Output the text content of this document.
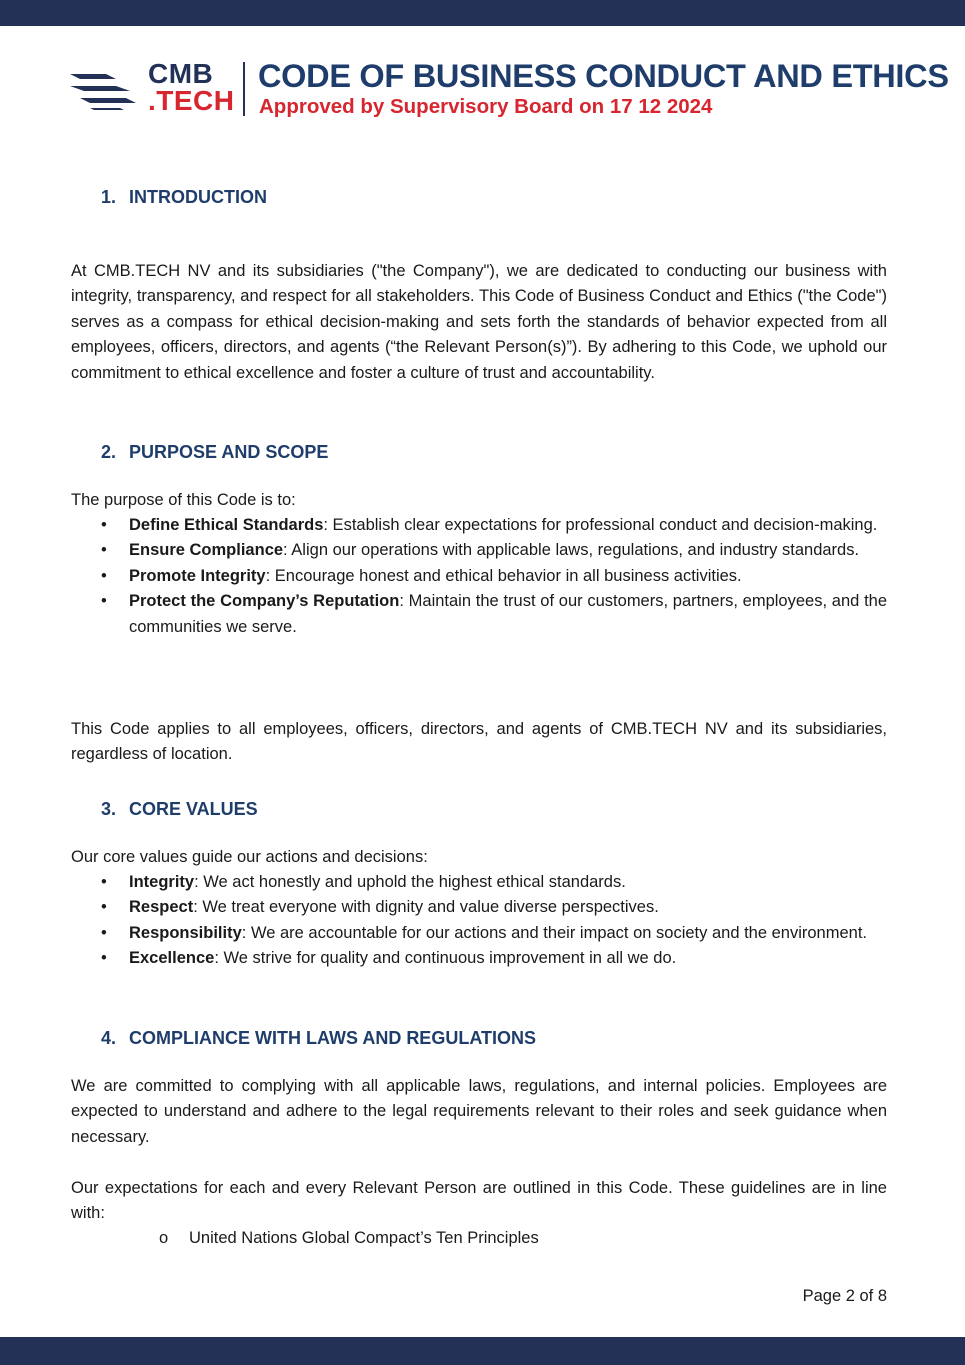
CMB
.TECH
CODE OF BUSINESS CONDUCT AND ETHICS
Approved by Supervisory Board on 17 12 2024
1. INTRODUCTION
At CMB.TECH NV and its subsidiaries ("the Company"), we are dedicated to conducting our business with integrity, transparency, and respect for all stakeholders. This Code of Business Conduct and Ethics ("the Code") serves as a compass for ethical decision-making and sets forth the standards of behavior expected from all employees, officers, directors, and agents (“the Relevant Person(s)”). By adhering to this Code, we uphold our commitment to ethical excellence and foster a culture of trust and accountability.
2. PURPOSE AND SCOPE
The purpose of this Code is to:
• Define Ethical Standards: Establish clear expectations for professional conduct and decision-making.
• Ensure Compliance: Align our operations with applicable laws, regulations, and industry standards.
• Promote Integrity: Encourage honest and ethical behavior in all business activities.
• Protect the Company’s Reputation: Maintain the trust of our customers, partners, employees, and the communities we serve.
This Code applies to all employees, officers, directors, and agents of CMB.TECH NV and its subsidiaries, regardless of location.
3. CORE VALUES
Our core values guide our actions and decisions:
• Integrity: We act honestly and uphold the highest ethical standards.
• Respect: We treat everyone with dignity and value diverse perspectives.
• Responsibility: We are accountable for our actions and their impact on society and the environment.
• Excellence: We strive for quality and continuous improvement in all we do.
4. COMPLIANCE WITH LAWS AND REGULATIONS
We are committed to complying with all applicable laws, regulations, and internal policies. Employees are expected to understand and adhere to the legal requirements relevant to their roles and seek guidance when necessary.
Our expectations for each and every Relevant Person are outlined in this Code. These guidelines are in line with:
o United Nations Global Compact’s Ten Principles
Page 2 of 8
